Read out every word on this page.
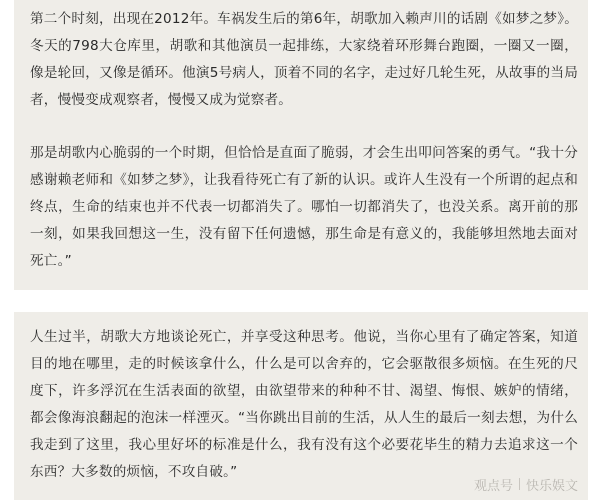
第二个时刻，出现在2012年。车祸发生后的第6年，胡歌加入赖声川的话剧《如梦之梦》。冬天的798大仓库里，胡歌和其他演员一起排练，大家绕着环形舞台跑圈，一圈又一圈，像是轮回，又像是循环。他演5号病人，顶着不同的名字，走过好几轮生死，从故事的当局者，慢慢变成观察者，慢慢又成为觉察者。

那是胡歌内心脆弱的一个时期，但恰恰是直面了脆弱，才会生出叩问答案的勇气。“我十分感谢赖老师和《如梦之梦》，让我看待死亡有了新的认识。或许人生没有一个所谓的起点和终点，生命的结束也并不代表一切都消失了。哪怕一切都消失了，也没关系。离开前的那一刻，如果我回想这一生，没有留下任何遗憾，那生命是有意义的，我能够坦然地去面对死亡。”

人生过半，胡歌大方地谈论死亡，并享受这种思考。他说，当你心里有了确定答案，知道目的地在哪里，走的时候该拿什么，什么是可以舍弃的，它会驱散很多烦恼。在生死的尺度下，许多浮沉在生活表面的欲望，由欲望带来的种种不甘、渴望、悔恨、嫉妒的情绪，都会像海浪翻起的泡沫一样湮灭。“当你跳出目前的生活，从人生的最后一刻去想，为什么我走到了这里，我心里好坏的标准是什么，我有没有这个必要花毕生的精力去追求这一个东西？大多数的烦恼，不攻自破。”

观点号 快乐娱文
